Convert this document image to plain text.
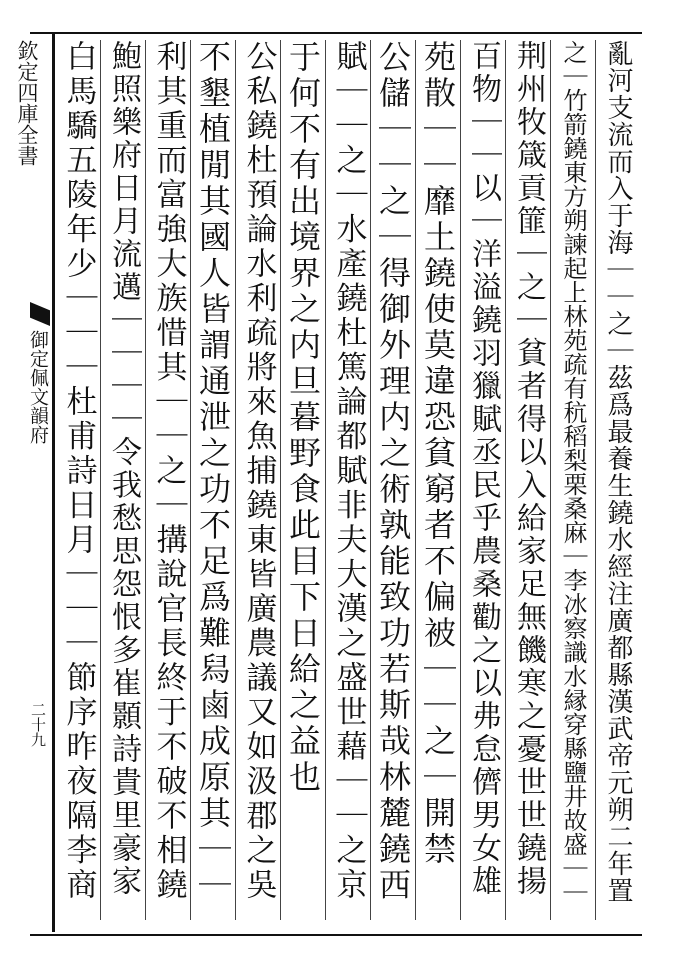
欽定四庫全書
御定佩文韻府
二十九	亂河支流而入于海｜｜之｜茲爲最養生鐃水經注廣都縣漢武帝元朔二年置
之｜竹箭鐃東方朔諫起上林苑疏有秔稻梨栗桑麻｜李冰察識水縁穿縣鹽井故盛｜｜
荆州牧箴貢篚｜之｜貧者得以入給家足無饑寒之憂世世鐃揚
百物｜｜以｜洋溢鐃羽獵賦丞民乎農桑勸之以弗怠儕男女雄
苑散｜｜靡土鐃使莫違恐貧窮者不偏被｜｜之｜開禁
公儲｜｜之｜得御外理内之術孰能致功若斯哉林麓鐃西
賦｜｜之｜水產鐃杜篤論都賦非夫大漢之盛世藉｜｜之京
于何不有出境界之内旦暮野食此目下日給之益也
公私鐃杜預論水利疏將來魚捕鐃東皆廣農議又如汲郡之吳
不墾植閒其國人皆謂通泄之功不足爲難舄鹵成原其｜｜
利其重而富強大族惜其｜｜之｜搆說官長終于不破不相鐃
鮑照樂府日月流邁｜｜｜｜令我愁思怨恨多崔顥詩貴里豪家
白馬驕五陵年少｜｜｜杜甫詩日月｜｜｜節序昨夜隔李商
